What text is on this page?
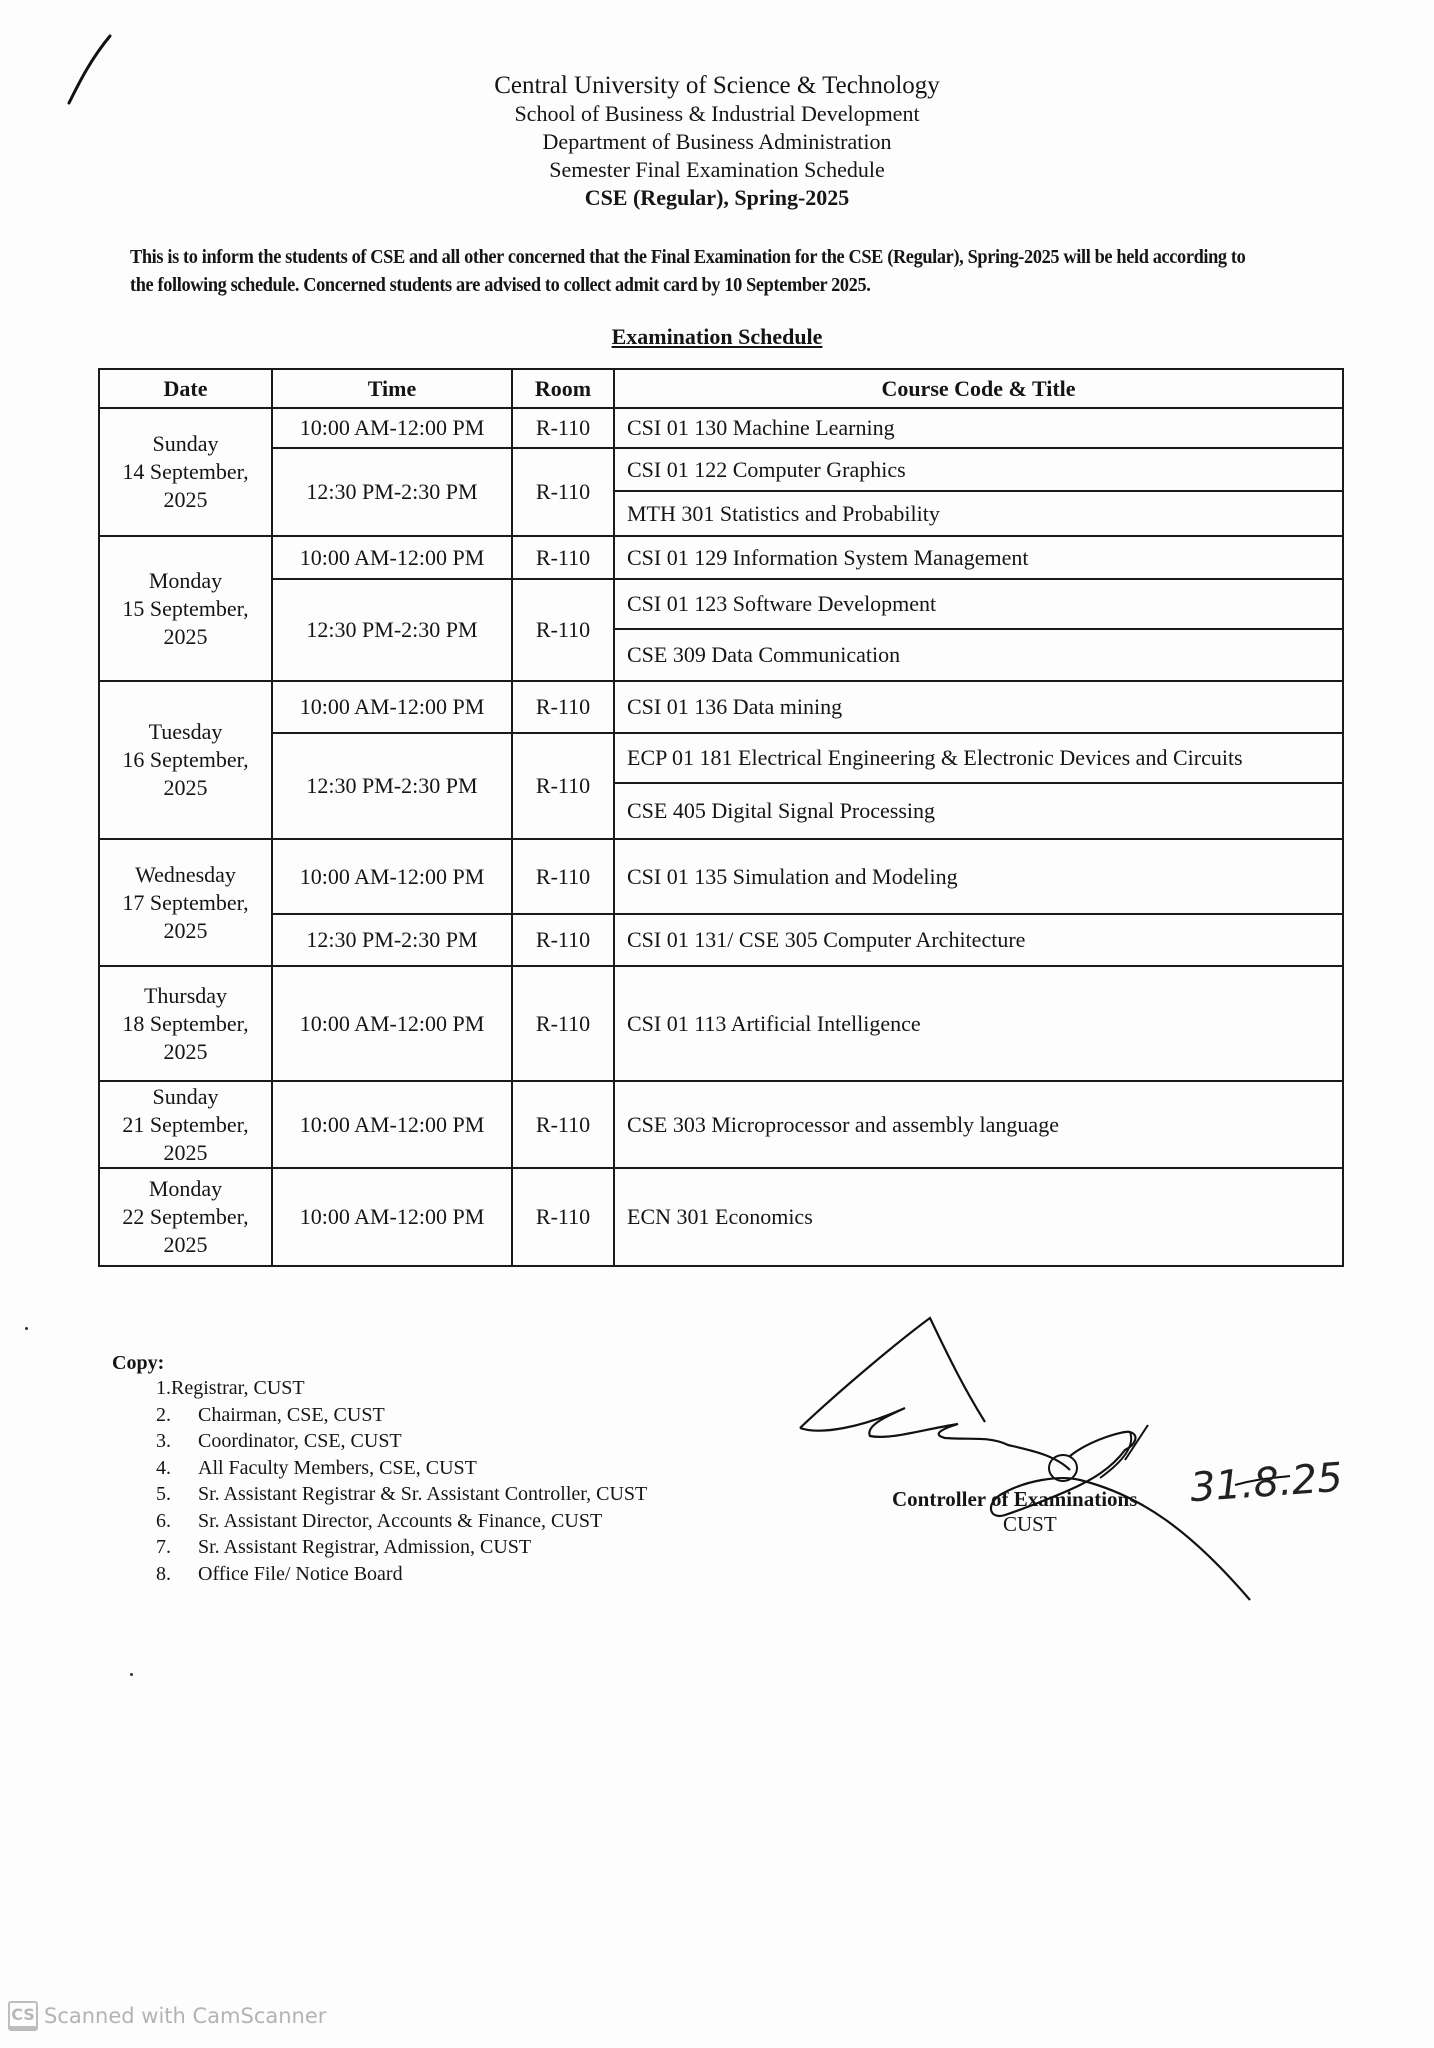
Central University of Science & Technology
School of Business & Industrial Development
Department of Business Administration
Semester Final Examination Schedule
CSE (Regular), Spring-2025
This is to inform the students of CSE and all other concerned that the Final Examination for the CSE (Regular), Spring-2025 will be held according to the following schedule. Concerned students are advised to collect admit card by 10 September 2025.
Examination Schedule
Date	Time	Room	Course Code & Title

Sunday
14 September,
2025	10:00 AM-12:00 PM	R-110	CSI 01 130 Machine Learning
	12:30 PM-2:30 PM	R-110	CSI 01 122 Computer Graphics
			MTH 301 Statistics and Probability

Monday
15 September,
2025	10:00 AM-12:00 PM	R-110	CSI 01 129 Information System Management
	12:30 PM-2:30 PM	R-110	CSI 01 123 Software Development
			CSE 309 Data Communication

Tuesday
16 September,
2025	10:00 AM-12:00 PM	R-110	CSI 01 136 Data mining
	12:30 PM-2:30 PM	R-110	ECP 01 181 Electrical Engineering & Electronic Devices and Circuits
			CSE 405 Digital Signal Processing

Wednesday
17 September,
2025	10:00 AM-12:00 PM	R-110	CSI 01 135 Simulation and Modeling
	12:30 PM-2:30 PM	R-110	CSI 01 131/ CSE 305 Computer Architecture

Thursday
18 September,
2025	10:00 AM-12:00 PM	R-110	CSI 01 113 Artificial Intelligence

Sunday
21 September,
2025	10:00 AM-12:00 PM	R-110	CSE 303 Microprocessor and assembly language

Monday
22 September,
2025	10:00 AM-12:00 PM	R-110	ECN 301 Economics
Copy:
1.Registrar, CUST
2. Chairman, CSE, CUST
3. Coordinator, CSE, CUST
4. All Faculty Members, CSE, CUST
5. Sr. Assistant Registrar & Sr. Assistant Controller, CUST
6. Sr. Assistant Director, Accounts & Finance, CUST
7. Sr. Assistant Registrar, Admission, CUST
8. Office File/ Notice Board
31.8.25
Controller of Examinations
CUST
CS Scanned with CamScanner
